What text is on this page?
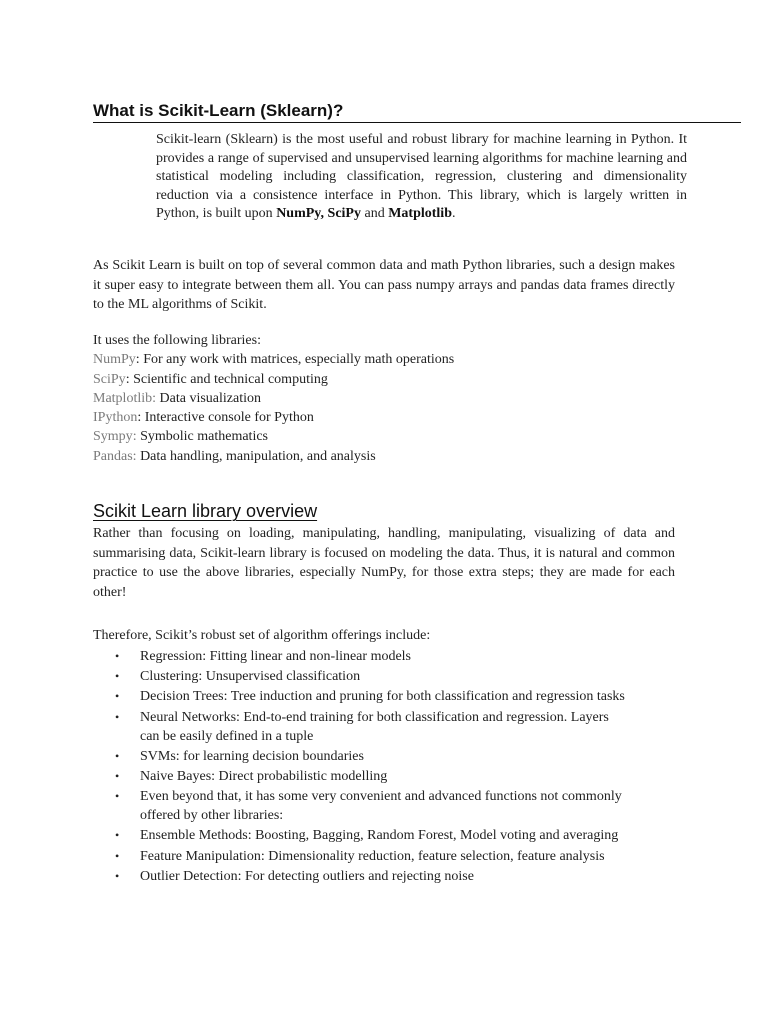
What is Scikit-Learn (Sklearn)?
Scikit-learn (Sklearn) is the most useful and robust library for machine learning in Python. It provides a range of supervised and unsupervised learning algorithms for machine learning and statistical modeling including classification, regression, clustering and dimensionality reduction via a consistence interface in Python. This library, which is largely written in Python, is built upon NumPy, SciPy and Matplotlib.
As Scikit Learn is built on top of several common data and math Python libraries, such a design makes it super easy to integrate between them all. You can pass numpy arrays and pandas data frames directly to the ML algorithms of Scikit.
It uses the following libraries:
NumPy: For any work with matrices, especially math operations
SciPy: Scientific and technical computing
Matplotlib: Data visualization
IPython: Interactive console for Python
Sympy: Symbolic mathematics
Pandas: Data handling, manipulation, and analysis
Scikit Learn library overview
Rather than focusing on loading, manipulating, handling, manipulating, visualizing of data and summarising data, Scikit-learn library is focused on modeling the data. Thus, it is natural and common practice to use the above libraries, especially NumPy, for those extra steps; they are made for each other!
Therefore, Scikit’s robust set of algorithm offerings include:
• Regression: Fitting linear and non-linear models
• Clustering: Unsupervised classification
• Decision Trees: Tree induction and pruning for both classification and regression tasks
• Neural Networks: End-to-end training for both classification and regression. Layers can be easily defined in a tuple
• SVMs: for learning decision boundaries
• Naive Bayes: Direct probabilistic modelling
• Even beyond that, it has some very convenient and advanced functions not commonly offered by other libraries:
• Ensemble Methods: Boosting, Bagging, Random Forest, Model voting and averaging
• Feature Manipulation: Dimensionality reduction, feature selection, feature analysis
• Outlier Detection: For detecting outliers and rejecting noise
